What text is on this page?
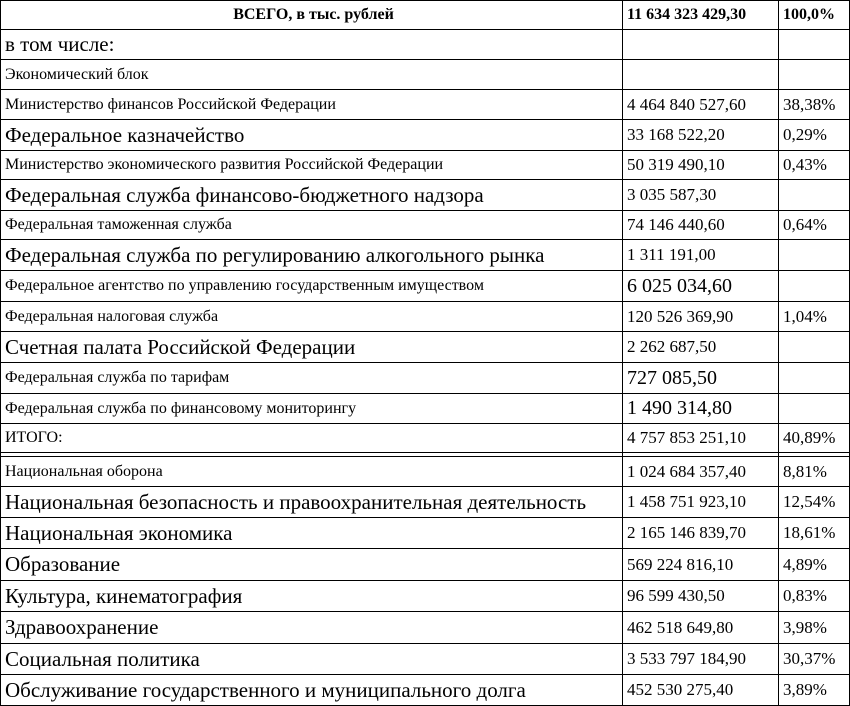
ВСЕГО, в тыс. рублей	11 634 323 429,30	100,0%
в том числе:		
Экономический блок		
Министерство финансов Российской Федерации	4 464 840 527,60	38,38%
Федеральное казначейство	33 168 522,20	0,29%
Министерство экономического развития Российской Федерации	50 319 490,10	0,43%
Федеральная служба финансово-бюджетного надзора	3 035 587,30	
Федеральная таможенная служба	74 146 440,60	0,64%
Федеральная служба по регулированию алкогольного рынка	1 311 191,00	
Федеральное агентство по управлению государственным имуществом	6 025 034,60	
Федеральная налоговая служба	120 526 369,90	1,04%
Счетная палата Российской Федерации	2 262 687,50	
Федеральная служба по тарифам	727 085,50	
Федеральная служба по финансовому мониторингу	1 490 314,80	
ИТОГО:	4 757 853 251,10	40,89%

Национальная оборона	1 024 684 357,40	8,81%
Национальная безопасность и правоохранительная деятельность	1 458 751 923,10	12,54%
Национальная экономика	2 165 146 839,70	18,61%
Образование	569 224 816,10	4,89%
Культура, кинематография	96 599 430,50	0,83%
Здравоохранение	462 518 649,80	3,98%
Социальная политика	3 533 797 184,90	30,37%
Обслуживание государственного и муниципального долга	452 530 275,40	3,89%
